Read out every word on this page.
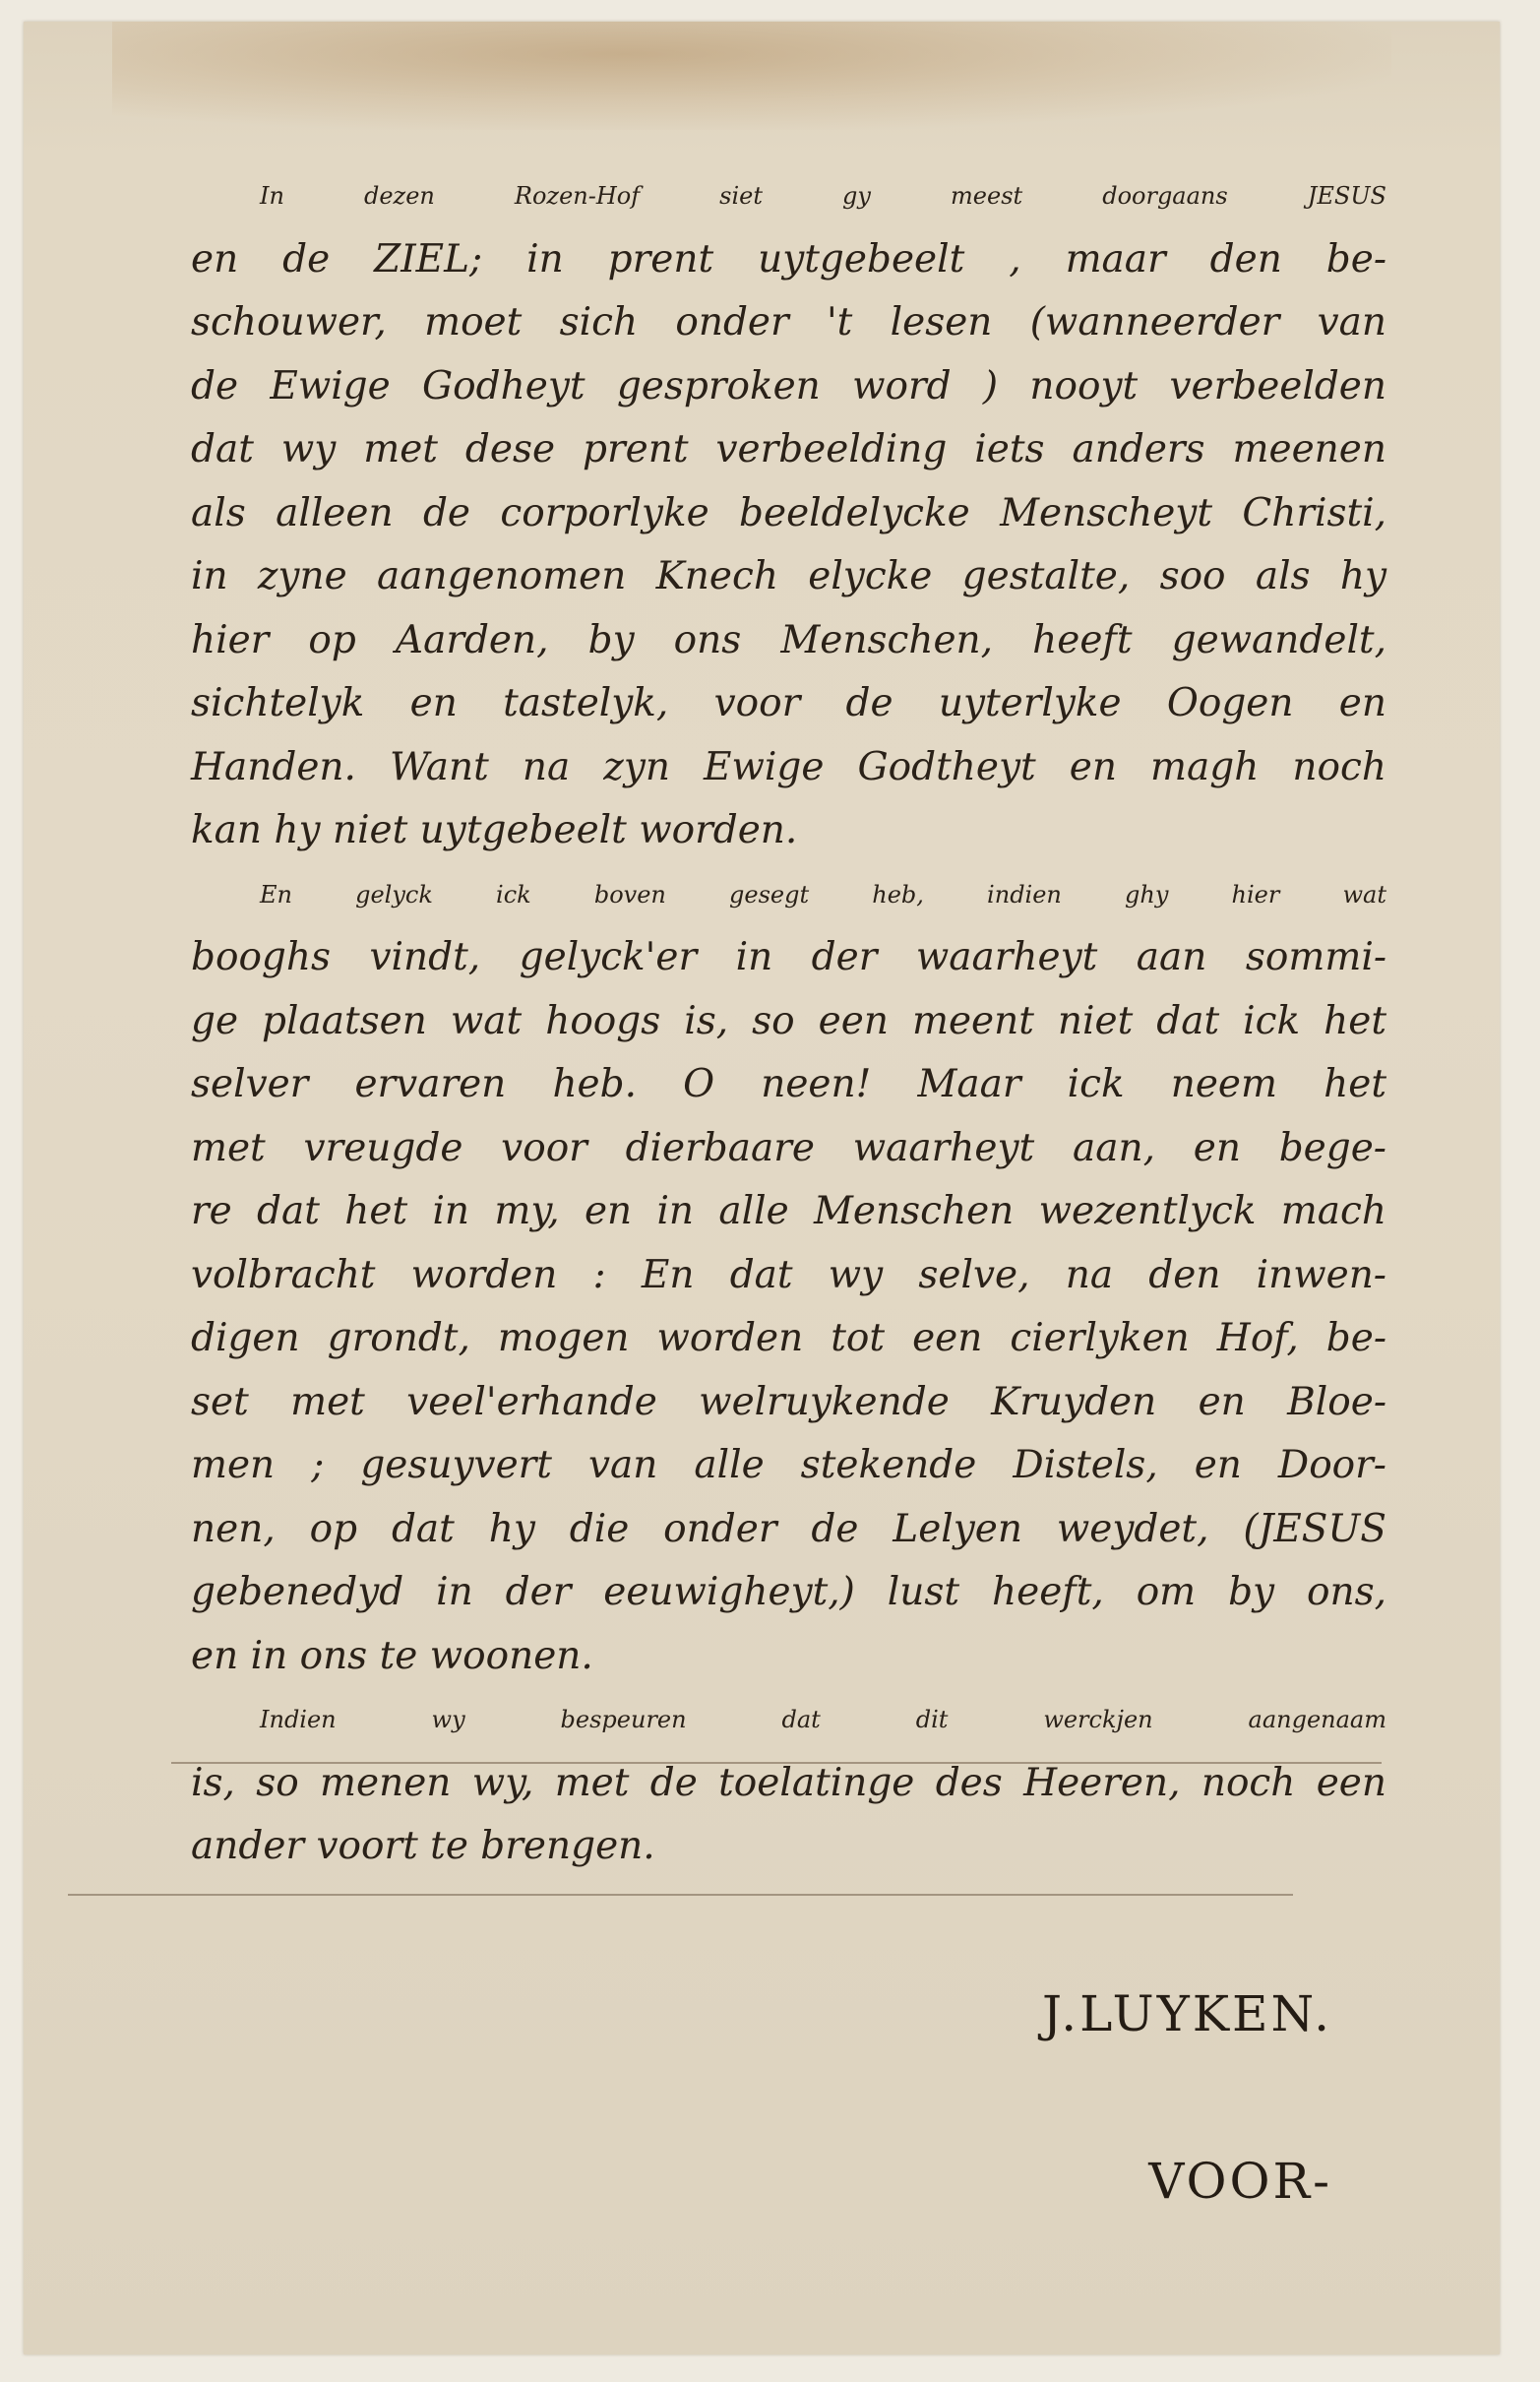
In dezen Rozen-Hof siet gy meest doorgaans JESUS
en de ZIEL; in prent uytgebeelt , maar den be-
schouwer, moet sich onder 't lesen (wanneerder van
de Ewige Godheyt gesproken word ) nooyt verbeelden
dat wy met dese prent verbeelding iets anders meenen
als alleen de corporlyke beeldelycke Menscheyt Christi,
in zyne aangenomen Knech elycke gestalte, soo als hy
hier op Aarden, by ons Menschen, heeft gewandelt,
sichtelyk en tastelyk, voor de uyterlyke Oogen en
Handen. Want na zyn Ewige Godtheyt en magh noch
kan hy niet uytgebeelt worden.
En gelyck ick boven gesegt heb, indien ghy hier wat
booghs vindt, gelyck'er in der waarheyt aan sommi-
ge plaatsen wat hoogs is, so een meent niet dat ick het
selver ervaren heb. O neen! Maar ick neem het
met vreugde voor dierbaare waarheyt aan, en bege-
re dat het in my, en in alle Menschen wezentlyck mach
volbracht worden : En dat wy selve, na den inwen-
digen grondt, mogen worden tot een cierlyken Hof, be-
set met veel'erhande welruykende Kruyden en Bloe-
men ; gesuyvert van alle stekende Distels, en Door-
nen, op dat hy die onder de Lelyen weydet, (JESUS
gebenedyd in der eeuwigheyt,) lust heeft, om by ons,
en in ons te woonen.
Indien wy bespeuren dat dit werckjen aangenaam
is, so menen wy, met de toelatinge des Heeren, noch een
ander voort te brengen.
J.LUYKEN.
VOOR-
